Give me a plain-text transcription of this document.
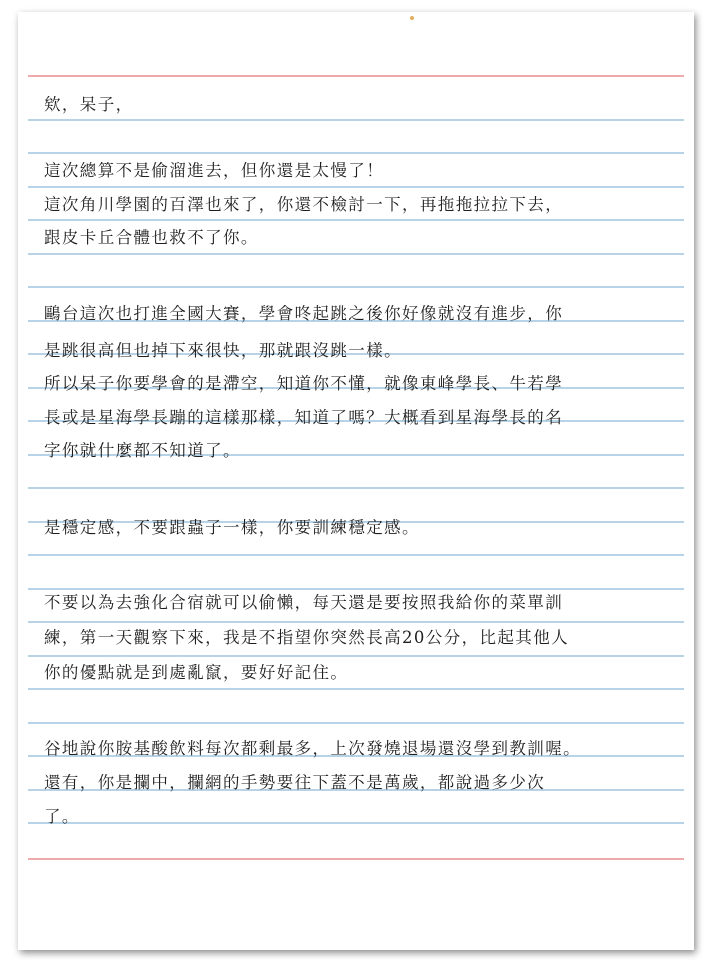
欸，呆子，
這次總算不是偷溜進去，但你還是太慢了！
這次角川學園的百澤也來了，你還不檢討一下，再拖拖拉拉下去，
跟皮卡丘合體也救不了你。
鷗台這次也打進全國大賽，學會咚起跳之後你好像就沒有進步，你
是跳很高但也掉下來很快，那就跟沒跳一樣。
所以呆子你要學會的是滯空，知道你不懂，就像東峰學長、牛若學
長或是星海學長蹦的這樣那樣，知道了嗎？大概看到星海學長的名
字你就什麼都不知道了。
是穩定感，不要跟蟲子一樣，你要訓練穩定感。
不要以為去強化合宿就可以偷懶，每天還是要按照我給你的菜單訓
練，第一天觀察下來，我是不指望你突然長高20公分，比起其他人
你的優點就是到處亂竄，要好好記住。
谷地說你胺基酸飲料每次都剩最多，上次發燒退場還沒學到教訓喔。
還有，你是攔中，攔網的手勢要往下蓋不是萬歲，都說過多少次
了。
